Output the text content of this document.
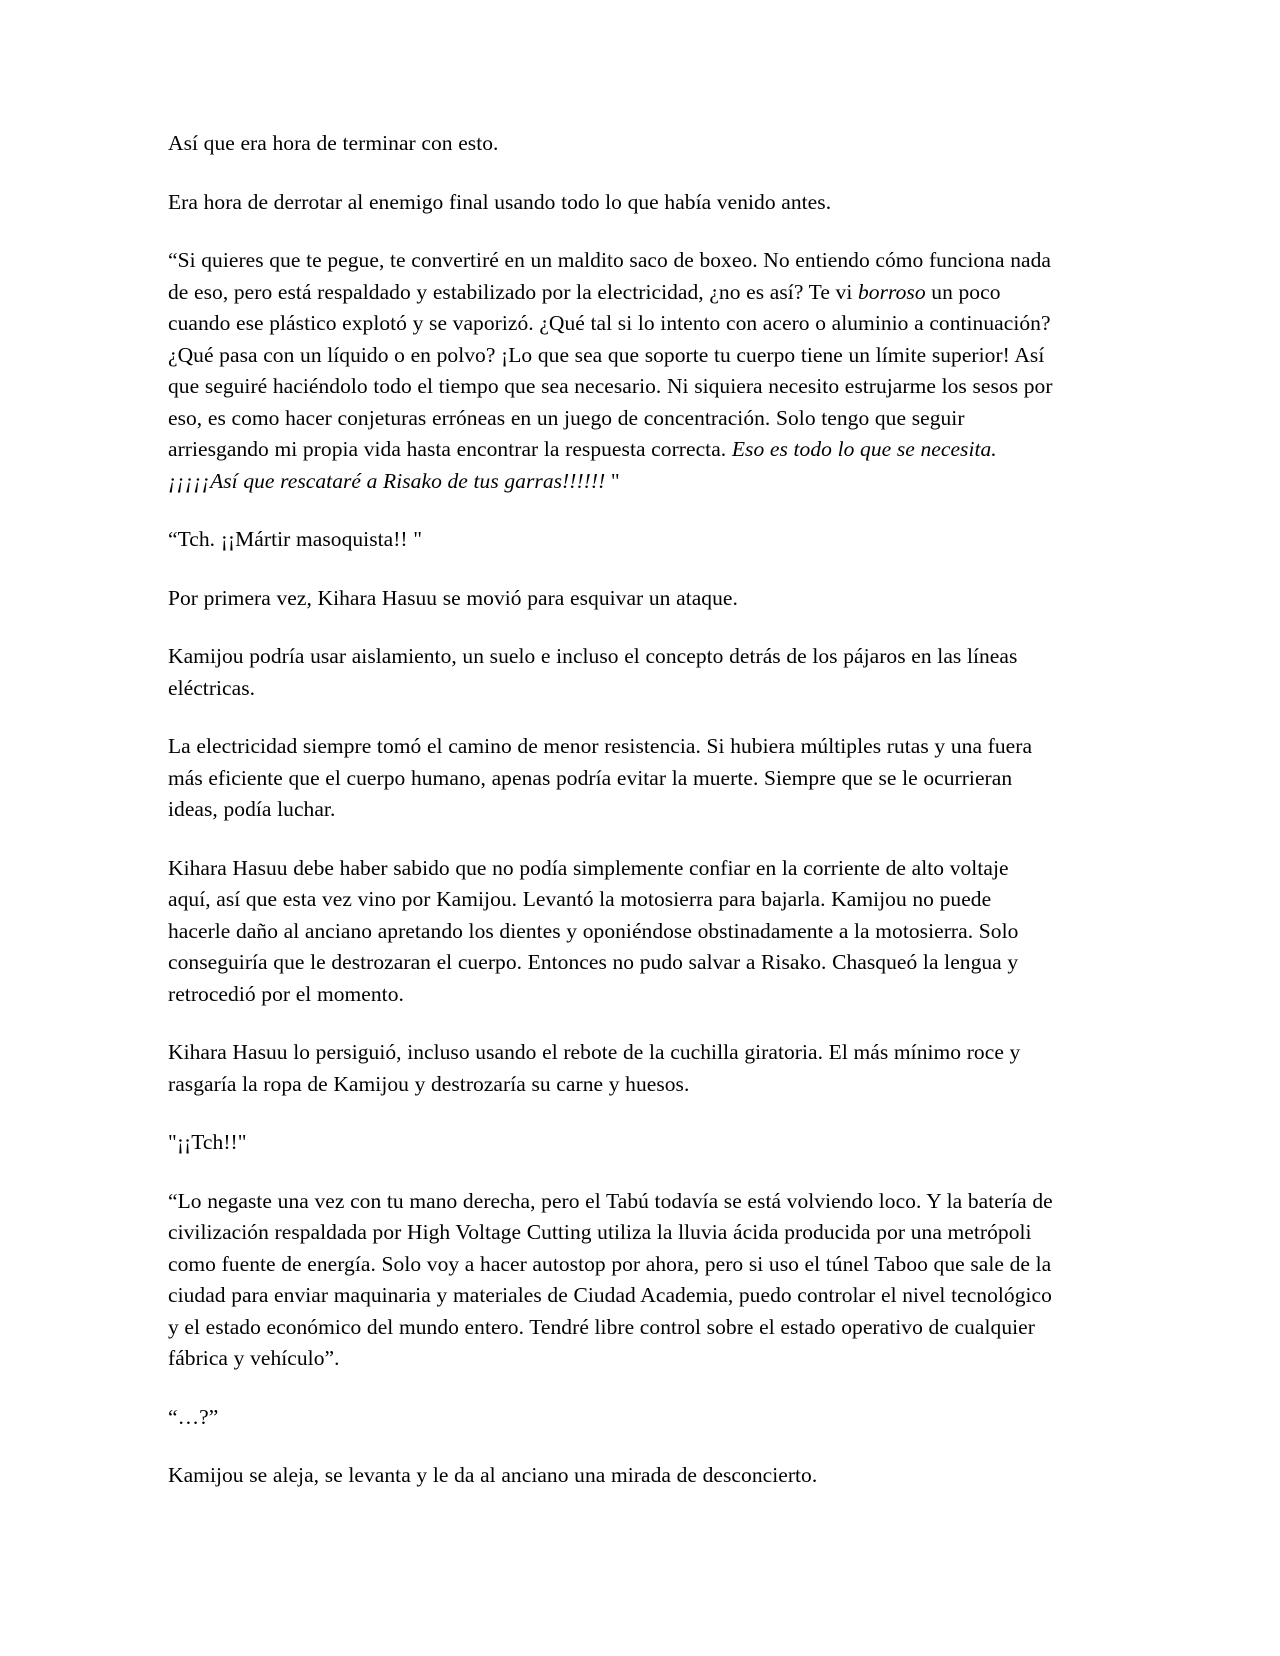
Así que era hora de terminar con esto.

Era hora de derrotar al enemigo final usando todo lo que había venido antes.

“Si quieres que te pegue, te convertiré en un maldito saco de boxeo. No entiendo cómo funciona nada de eso, pero está respaldado y estabilizado por la electricidad, ¿no es así? Te vi borroso un poco cuando ese plástico explotó y se vaporizó. ¿Qué tal si lo intento con acero o aluminio a continuación? ¿Qué pasa con un líquido o en polvo? ¡Lo que sea que soporte tu cuerpo tiene un límite superior! Así que seguiré haciéndolo todo el tiempo que sea necesario. Ni siquiera necesito estrujarme los sesos por eso, es como hacer conjeturas erróneas en un juego de concentración. Solo tengo que seguir arriesgando mi propia vida hasta encontrar la respuesta correcta. Eso es todo lo que se necesita. ¡¡¡¡¡Así que rescataré a Risako de tus garras!!!!!! "

“Tch. ¡¡Mártir masoquista!! "

Por primera vez, Kihara Hasuu se movió para esquivar un ataque.

Kamijou podría usar aislamiento, un suelo e incluso el concepto detrás de los pájaros en las líneas eléctricas.

La electricidad siempre tomó el camino de menor resistencia. Si hubiera múltiples rutas y una fuera más eficiente que el cuerpo humano, apenas podría evitar la muerte. Siempre que se le ocurrieran ideas, podía luchar.

Kihara Hasuu debe haber sabido que no podía simplemente confiar en la corriente de alto voltaje aquí, así que esta vez vino por Kamijou. Levantó la motosierra para bajarla. Kamijou no puede hacerle daño al anciano apretando los dientes y oponiéndose obstinadamente a la motosierra. Solo conseguiría que le destrozaran el cuerpo. Entonces no pudo salvar a Risako. Chasqueó la lengua y retrocedió por el momento.

Kihara Hasuu lo persiguió, incluso usando el rebote de la cuchilla giratoria. El más mínimo roce y rasgaría la ropa de Kamijou y destrozaría su carne y huesos.

"¡¡Tch!!"

“Lo negaste una vez con tu mano derecha, pero el Tabú todavía se está volviendo loco. Y la batería de civilización respaldada por High Voltage Cutting utiliza la lluvia ácida producida por una metrópoli como fuente de energía. Solo voy a hacer autostop por ahora, pero si uso el túnel Taboo que sale de la ciudad para enviar maquinaria y materiales de Ciudad Academia, puedo controlar el nivel tecnológico y el estado económico del mundo entero. Tendré libre control sobre el estado operativo de cualquier fábrica y vehículo”.

“…?”

Kamijou se aleja, se levanta y le da al anciano una mirada de desconcierto.
